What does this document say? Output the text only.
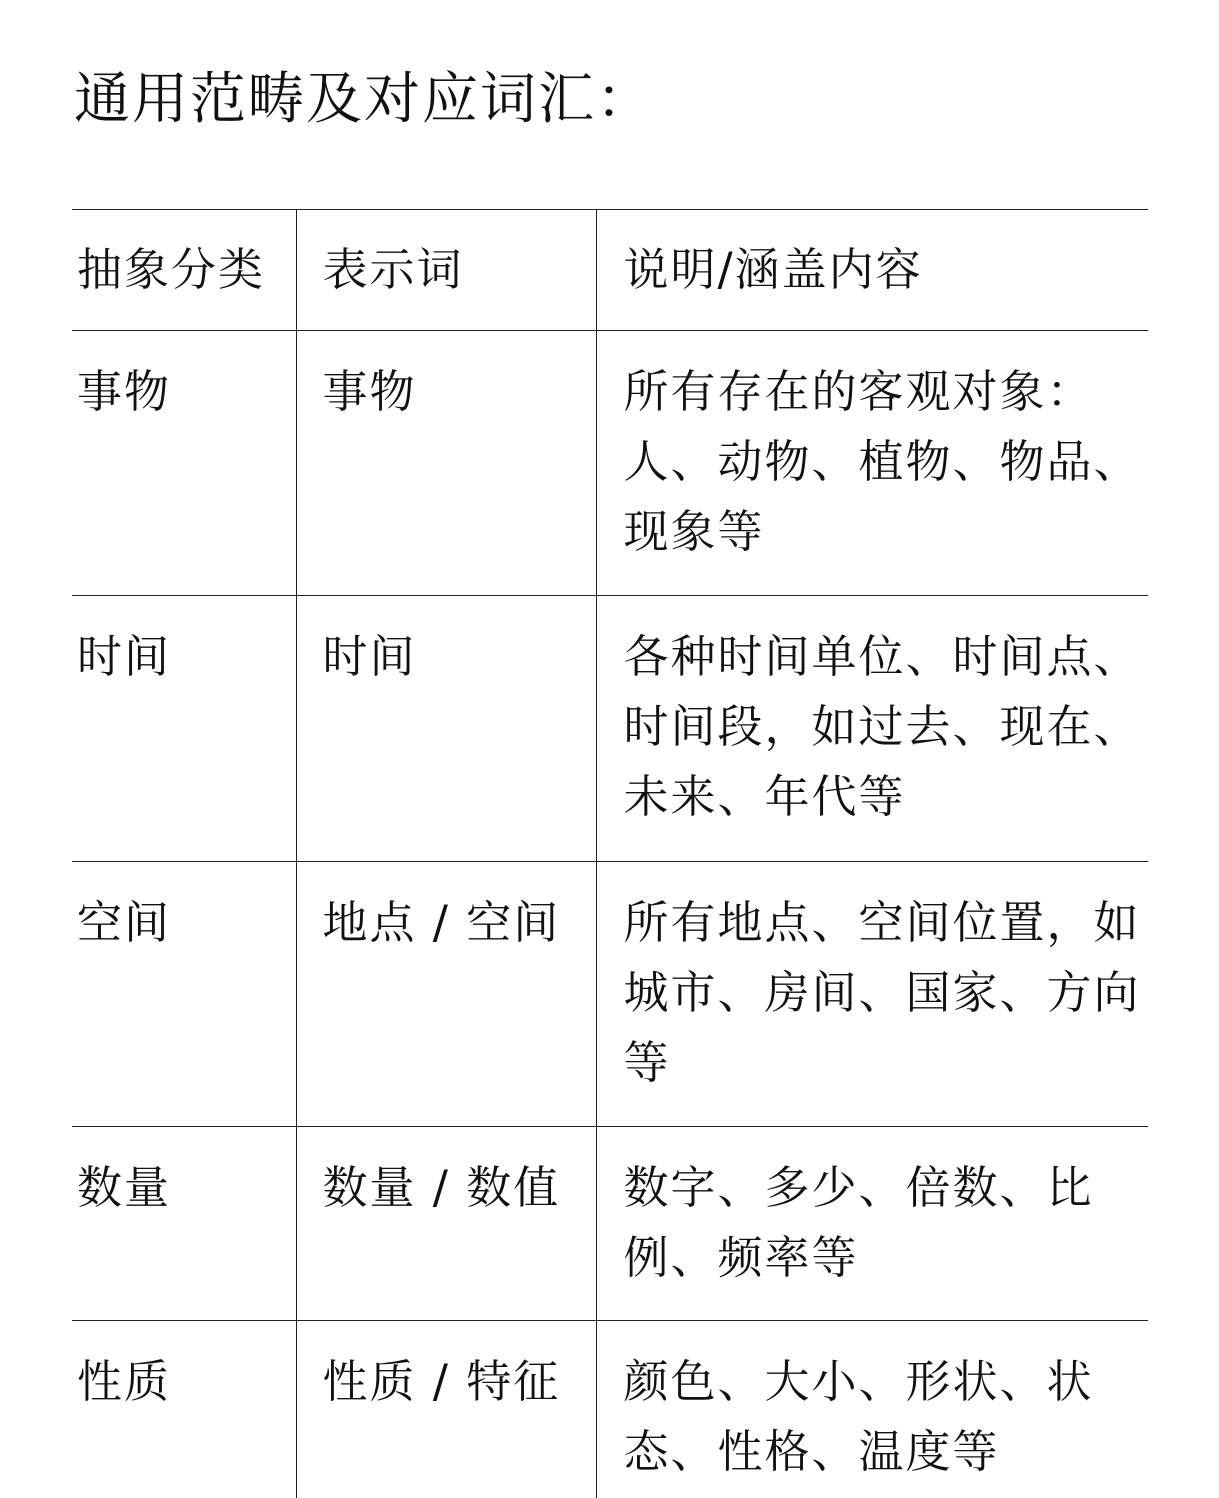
通用范畴及对应词汇：
抽象分类	表示词	说明/涵盖内容

事物	事物	所有存在的客观对象：人、动物、植物、物品、现象等

时间	时间	各种时间单位、时间点、时间段，如过去、现在、未来、年代等

空间	地点 / 空间	所有地点、空间位置，如城市、房间、国家、方向等

数量	数量 / 数值	数字、多少、倍数、比例、频率等

性质	性质 / 特征	颜色、大小、形状、状态、性格、温度等
